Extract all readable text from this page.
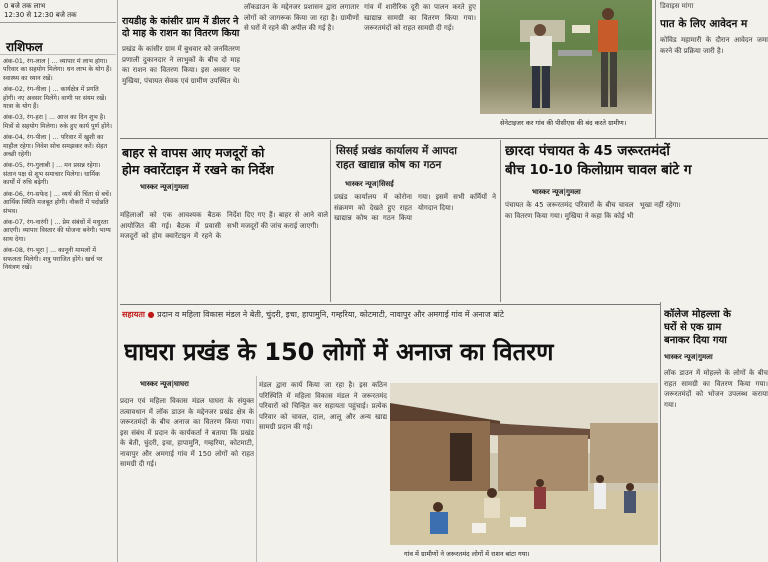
0 बजे तक लाभ
12:30 से 12:30 बजे तक
राशिफल
अंक-01, रंग-लाल | ... व्यापार में लाभ होगा। परिवार का सहयोग मिलेगा। धन लाभ के योग हैं। स्वास्थ्य का ध्यान रखें।
अंक-02, रंग-नीला | ... कार्यक्षेत्र में प्रगति होगी। नए अवसर मिलेंगे। वाणी पर संयम रखें। यात्रा के योग हैं।
अंक-03, रंग-हरा | ... आज का दिन शुभ है। मित्रों से सहयोग मिलेगा। रुके हुए कार्य पूर्ण होंगे।
अंक-04, रंग-पीला | ... परिवार में खुशी का माहौल रहेगा। निवेश सोच समझकर करें। सेहत अच्छी रहेगी।
अंक-05, रंग-गुलाबी | ... मन प्रसन्न रहेगा। संतान पक्ष से शुभ समाचार मिलेगा। धार्मिक कार्यों में रुचि बढ़ेगी।
अंक-06, रंग-सफेद | ... व्यर्थ की चिंता से बचें। आर्थिक स्थिति मजबूत होगी। नौकरी में पदोन्नति संभव।
अंक-07, रंग-नारंगी | ... प्रेम संबंधों में मधुरता आएगी। व्यापार विस्तार की योजना बनेगी। भाग्य साथ देगा।
अंक-08, रंग-भूरा | ... कानूनी मामलों में सफलता मिलेगी। शत्रु पराजित होंगे। खर्च पर नियंत्रण रखें।
रायडीह के कांसीर ग्राम में डीलर ने दो माह के राशन का वितरण किया
प्रखंड के कांसीर ग्राम में बुधवार को जनवितरण प्रणाली दुकानदार ने लाभुकों के बीच दो माह का राशन का वितरण किया। इस अवसर पर मुखिया, पंचायत सेवक एवं ग्रामीण उपस्थित थे।
लॉकडाउन के मद्देनजर प्रशासन द्वारा लगातार लोगों को जागरूक किया जा रहा है। ग्रामीणों से घरों में रहने की अपील की गई है।
गांव में शारीरिक दूरी का पालन करते हुए खाद्यान्न सामग्री का वितरण किया गया। जरूरतमंदों को राहत सामग्री दी गई।
सेनेटाइजर कर गांव की पीसीएस की बंद करते ग्रामीण।
डिवाइस मांगा
पात के लिए आवेदन म
कोविड महामारी के दौरान आवेदन जमा करने की प्रक्रिया जारी है।
बाहर से वापस आए मजदूरों को
होम क्वारेंटाइन में रखने का निर्देश
भास्कर न्यूज|गुमला
सिसई प्रखंड कार्यालय में आपदा
राहत खाद्यान्न कोष का गठन
भास्कर न्यूज|सिसई
छारदा पंचायत के 45 जरूरतमंदों
बीच 10-10 किलोग्राम चावल बांटे ग
भास्कर न्यूज|गुमला
महिलाओं को एक आवश्यक बैठक आयोजित की गई। बैठक में प्रवासी मजदूरों को होम क्वारेंटाइन में रहने के निर्देश दिए गए हैं। बाहर से आने वाले सभी मजदूरों की जांच कराई जाएगी।
प्रखंड कार्यालय में कोरोना संक्रमण को देखते हुए राहत खाद्यान्न कोष का गठन किया गया। इसमें सभी कर्मियों ने योगदान दिया।	पंचायत के 45 जरूरतमंद परिवारों के बीच चावल का वितरण किया गया। मुखिया ने कहा कि कोई भी भूखा नहीं रहेगा।
सहायता ● प्रदान व महिला विकास मंडल ने बेती, चुंदरी, इचा, हापामुनि, गम्हरिया, कोटमाटी, नावापुर और अमगाई गांव में अनाज बांटे
घाघरा प्रखंड के 150 लोगों में अनाज का वितरण
भास्कर न्यूज|घाघरा
प्रदान एवं महिला विकास मंडल घाघरा के संयुक्त तत्वावधान में लॉक डाउन के मद्देनजर प्रखंड क्षेत्र के जरूरतमंदों के बीच अनाज का वितरण किया गया। इस संबंध में प्रदान के कार्यकर्ता ने बताया कि प्रखंड के बेती, चुंदरी, इचा, हापामुनि, गम्हरिया, कोटमाटी, नावापुर और अमगाई गांव में 150 लोगों को राहत सामग्री दी गई।
मंडल द्वारा कार्य किया जा रहा है। इस कठिन परिस्थिति में महिला विकास मंडल ने जरूरतमंद परिवारों को चिन्हित कर सहायता पहुंचाई। प्रत्येक परिवार को चावल, दाल, आलू और अन्य खाद्य सामग्री प्रदान की गई।
गांव में ग्रामीणों ने जरूरतमंद लोगों में राशन बांटा गया।
कॉलेज मोहल्ला के
घरों से एक ग्राम
बनाकर दिया गया
भास्कर न्यूज|गुमला
लॉक डाउन में मोहल्ले के लोगों के बीच राहत सामग्री का वितरण किया गया। जरूरतमंदों को भोजन उपलब्ध कराया गया।
